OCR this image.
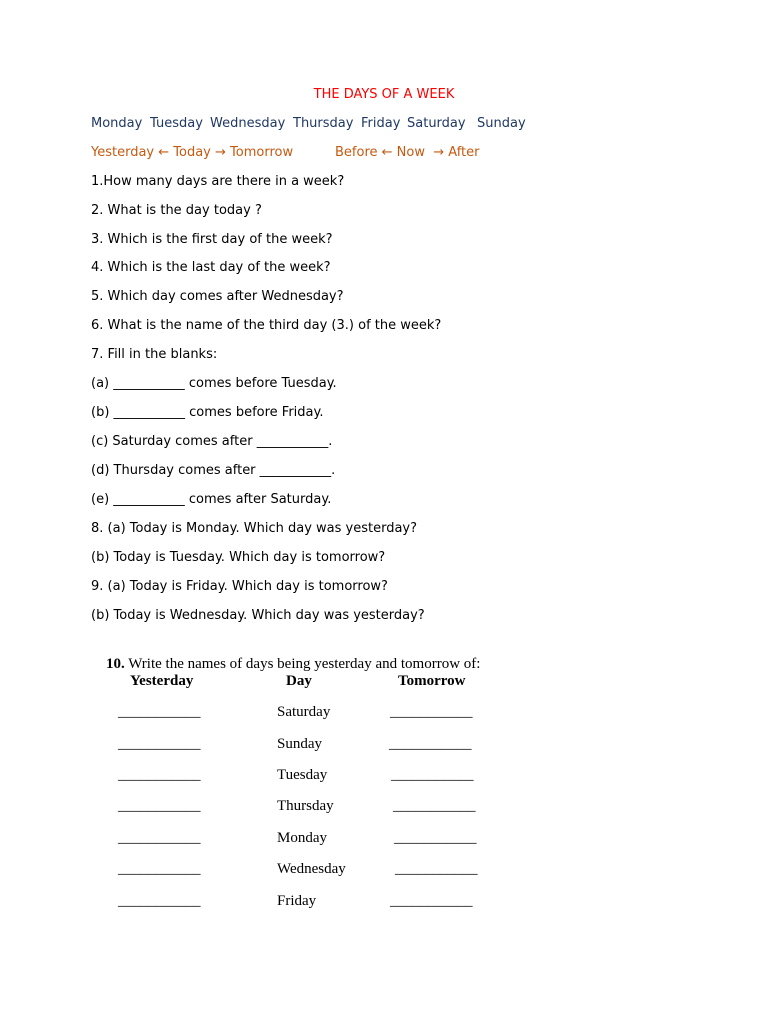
THE DAYS OF A WEEK

Monday

Tuesday

Wednesday

Thursday

Friday

Saturday

Sunday

Yesterday ← Today → Tomorrow	Before ← Now  → After
1.How many days are there in a week?
2. What is the day today ?
3. Which is the first day of the week?
4. Which is the last day of the week?
5. Which day comes after Wednesday?
6. What is the name of the third day (3.) of the week?
7. Fill in the blanks:
(a) ___________ comes before Tuesday.
(b) ___________ comes before Friday.
(c) Saturday comes after ___________.
(d) Thursday comes after ___________.
(e) ___________ comes after Saturday.
8. (a) Today is Monday. Which day was yesterday?
(b) Today is Tuesday. Which day is tomorrow?
9. (a) Today is Friday. Which day is tomorrow?
(b) Today is Wednesday. Which day was yesterday?

10. Write the names of days being yesterday and tomorrow of:

Yesterday	Day	Tomorrow
___________	Saturday	___________
___________	Sunday	___________
___________	Tuesday	___________
___________	Thursday	___________
___________	Monday	___________
___________	Wednesday	___________
___________	Friday	___________
